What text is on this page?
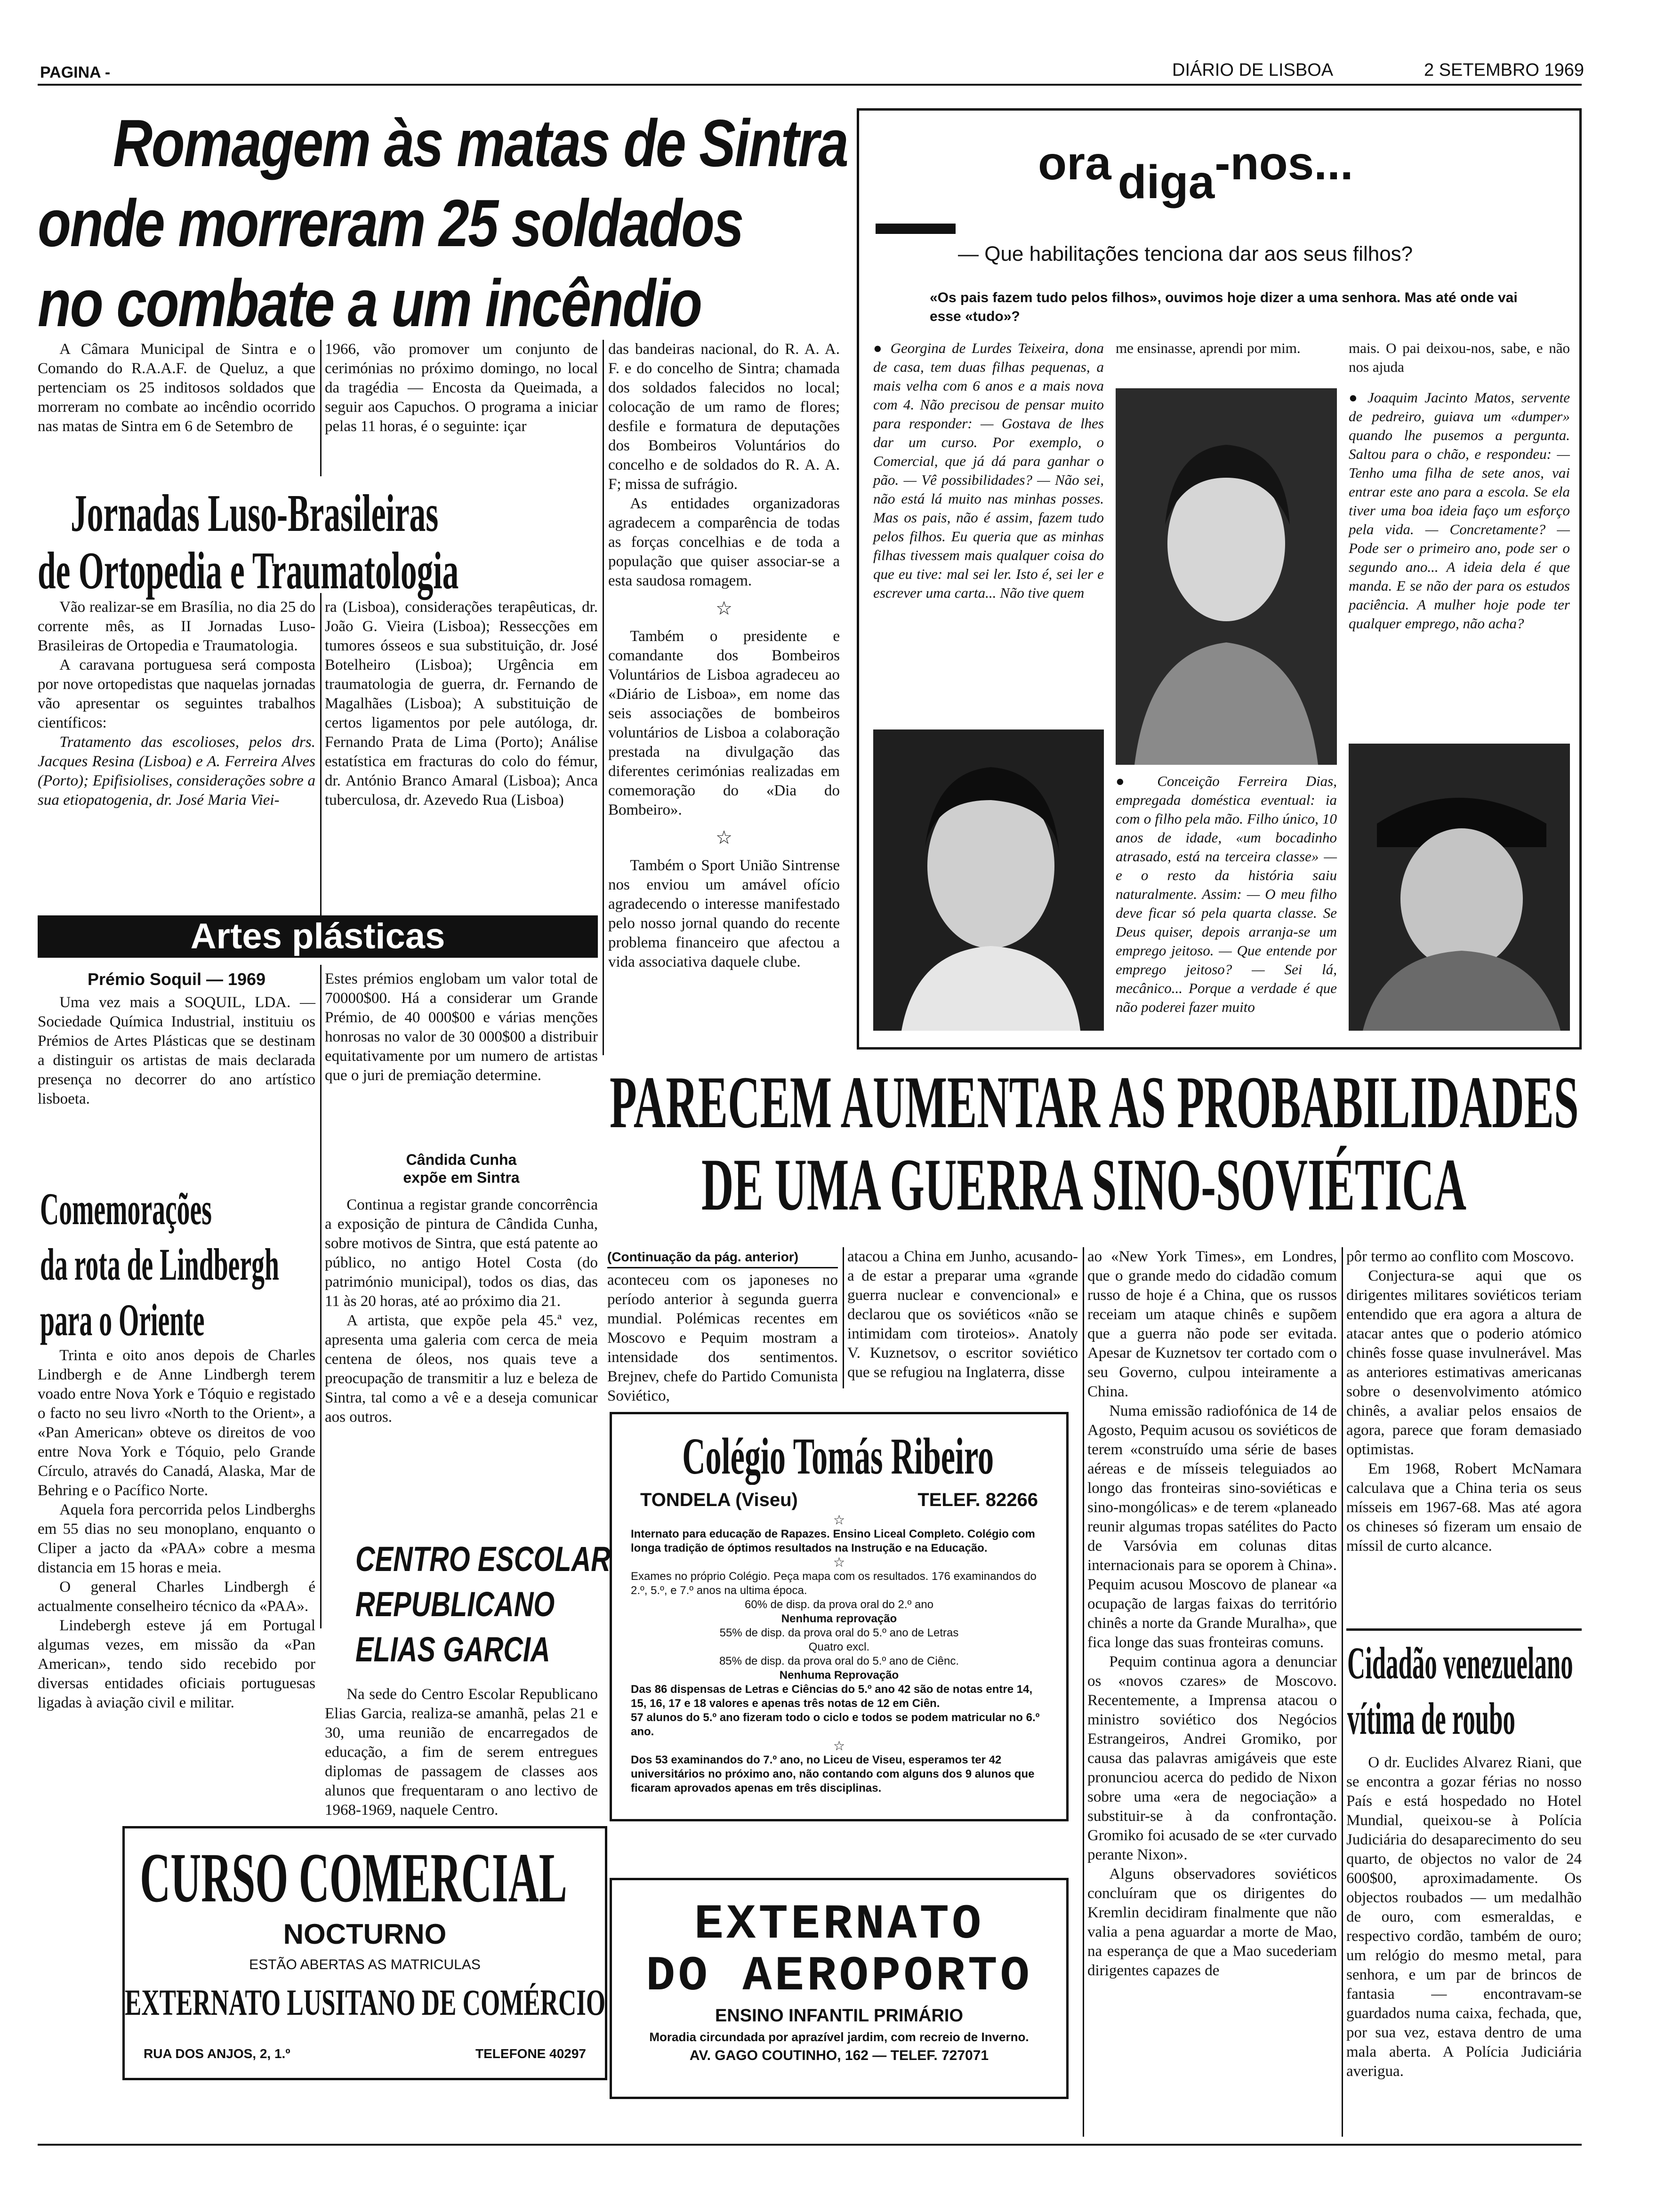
PAGINA -	DIÁRIO DE LISBOA	2 SETEMBRO 1969
Romagem às matas de Sintra
onde morreram 25 soldados
no combate a um incêndio

A Câmara Municipal de Sintra e o Comando do R.A.A.F. de Queluz, a que pertenciam os 25 inditosos soldados que morreram no combate ao incêndio ocorrido nas matas de Sintra em 6 de Setembro de

1966, vão promover um conjunto de cerimónias no próximo domingo, no local da tragédia — Encosta da Queimada, a seguir aos Capuchos. O programa a iniciar pelas 11 horas, é o seguinte: içar

das bandeiras nacional, do R. A. A. F. e do concelho de Sintra; chamada dos soldados falecidos no local; colocação de um ramo de flores; desfile e formatura de deputações dos Bombeiros Voluntários do concelho e de soldados do R. A. A. F; missa de sufrágio.

As entidades organizadoras agradecem a comparência de todas as forças concelhias e de toda a população que quiser associar-se a esta saudosa romagem.

☆

Também o presidente e comandante dos Bombeiros Voluntários de Lisboa agradeceu ao «Diário de Lisboa», em nome das seis associações de bombeiros voluntários de Lisboa a colaboração prestada na divulgação das diferentes cerimónias realizadas em comemoração do «Dia do Bombeiro».

☆

Também o Sport União Sintrense nos enviou um amável ofício agradecendo o interesse manifestado pelo nosso jornal quando do recente problema financeiro que afectou a vida associativa daquele clube.

Jornadas Luso-Brasileiras
de Ortopedia e Traumatologia

Vão realizar-se em Brasília, no dia 25 do corrente mês, as II Jornadas Luso-Brasileiras de Ortopedia e Traumatologia.

A caravana portuguesa será composta por nove ortopedistas que naquelas jornadas vão apresentar os seguintes trabalhos científicos:

Tratamento das escolioses, pelos drs. Jacques Resina (Lisboa) e A. Ferreira Alves (Porto); Epifisiolises, considerações sobre a sua etiopatogenia, dr. José Maria Viei-

ra (Lisboa), considerações terapêuticas, dr. João G. Vieira (Lisboa); Ressecções em tumores ósseos e sua substituição, dr. José Botelheiro (Lisboa); Urgência em traumatologia de guerra, dr. Fernando de Magalhães (Lisboa); A substituição de certos ligamentos por pele autóloga, dr. Fernando Prata de Lima (Porto); Análise estatística em fracturas do colo do fémur, dr. António Branco Amaral (Lisboa); Anca tuberculosa, dr. Azevedo Rua (Lisboa)

Artes plásticas
Prémio Soquil — 1969

Uma vez mais a SOQUIL, LDA. — Sociedade Química Industrial, instituiu os Prémios de Artes Plásticas que se destinam a distinguir os artistas de mais declarada presença no decorrer do ano artístico lisboeta.

Estes prémios englobam um valor total de 70000$00. Há a considerar um Grande Prémio, de 40 000$00 e várias menções honrosas no valor de 30 000$00 a distribuir equitativamente por um numero de artistas que o juri de premiação determine.

Cândida Cunha
expõe em Sintra

Continua a registar grande concorrência a exposição de pintura de Cândida Cunha, sobre motivos de Sintra, que está patente ao público, no antigo Hotel Costa (do património municipal), todos os dias, das 11 às 20 horas, até ao próximo dia 21.

A artista, que expõe pela 45.ª vez, apresenta uma galeria com cerca de meia centena de óleos, nos quais teve a preocupação de transmitir a luz e beleza de Sintra, tal como a vê e a deseja comunicar aos outros.

Comemorações
da rota de Lindbergh
para o Oriente

Trinta e oito anos depois de Charles Lindbergh e de Anne Lindbergh terem voado entre Nova York e Tóquio e registado o facto no seu livro «North to the Orient», a «Pan American» obteve os direitos de voo entre Nova York e Tóquio, pelo Grande Círculo, através do Canadá, Alaska, Mar de Behring e o Pacífico Norte.

Aquela fora percorrida pelos Lindberghs em 55 dias no seu monoplano, enquanto o Cliper a jacto da «PAA» cobre a mesma distancia em 15 horas e meia.

O general Charles Lindbergh é actualmente conselheiro técnico da «PAA».

Lindebergh esteve já em Portugal algumas vezes, em missão da «Pan American», tendo sido recebido por diversas entidades oficiais portuguesas ligadas à aviação civil e militar.

CENTRO ESCOLAR
REPUBLICANO
ELIAS GARCIA

Na sede do Centro Escolar Republicano Elias Garcia, realiza-se amanhã, pelas 21 e 30, uma reunião de encarregados de educação, a fim de serem entregues diplomas de passagem de classes aos alunos que frequentaram o ano lectivo de 1968-1969, naquele Centro.

CURSO COMERCIAL
NOCTURNO
ESTÃO ABERTAS AS MATRICULAS
EXTERNATO LUSITANO DE COMÉRCIO
RUA DOS ANJOS, 2, 1.º	TELEFONE 40297
ora diga-nos...
— Que habilitações tenciona dar aos seus filhos?
«Os pais fazem tudo pelos filhos», ouvimos hoje dizer a uma senhora. Mas até onde vai esse «tudo»?
● Georgina de Lurdes Teixeira, dona de casa, tem duas filhas pequenas, a mais velha com 6 anos e a mais nova com 4. Não precisou de pensar muito para responder: — Gostava de lhes dar um curso. Por exemplo, o Comercial, que já dá para ganhar o pão. — Vê possibilidades? — Não sei, não está lá muito nas minhas posses. Mas os pais, não é assim, fazem tudo pelos filhos. Eu queria que as minhas filhas tivessem mais qualquer coisa do que eu tive: mal sei ler. Isto é, sei ler e escrever uma carta... Não tive quem
me ensinasse, aprendi por mim.
● Conceição Ferreira Dias, empregada doméstica eventual: ia com o filho pela mão. Filho único, 10 anos de idade, «um bocadinho atrasado, está na terceira classe» — e o resto da história saiu naturalmente. Assim: — O meu filho deve ficar só pela quarta classe. Se Deus quiser, depois arranja-se um emprego jeitoso. — Que entende por emprego jeitoso? — Sei lá, mecânico... Porque a verdade é que não poderei fazer muito
mais. O pai deixou-nos, sabe, e não nos ajuda
● Joaquim Jacinto Matos, servente de pedreiro, guiava um «dumper» quando lhe pusemos a pergunta. Saltou para o chão, e respondeu: — Tenho uma filha de sete anos, vai entrar este ano para a escola. Se ela tiver uma boa ideia faço um esforço pela vida. — Concretamente? — Pode ser o primeiro ano, pode ser o segundo ano... A ideia dela é que manda. E se não der para os estudos paciência. A mulher hoje pode ter qualquer emprego, não acha?
PARECEM AUMENTAR AS PROBABILIDADES
DE UMA GUERRA SINO-SOVIÉTICA
(Continuação da pág. anterior)

aconteceu com os japoneses no período anterior à segunda guerra mundial. Polémicas recentes em Moscovo e Pequim mostram a intensidade dos sentimentos. Brejnev, chefe do Partido Comunista Soviético,

atacou a China em Junho, acusando-a de estar a preparar uma «grande guerra nuclear e convencional» e declarou que os soviéticos «não se intimidam com tiroteios». Anatoly V. Kuznetsov, o escritor soviético que se refugiou na Inglaterra, disse

ao «New York Times», em Londres, que o grande medo do cidadão comum russo de hoje é a China, que os russos receiam um ataque chinês e supõem que a guerra não pode ser evitada. Apesar de Kuznetsov ter cortado com o seu Governo, culpou inteiramente a China.

Numa emissão radiofónica de 14 de Agosto, Pequim acusou os soviéticos de terem «construído uma série de bases aéreas e de mísseis teleguiados ao longo das fronteiras sino-soviéticas e sino-mongólicas» e de terem «planeado reunir algumas tropas satélites do Pacto de Varsóvia em colunas ditas internacionais para se oporem à China». Pequim acusou Moscovo de planear «a ocupação de largas faixas do território chinês a norte da Grande Muralha», que fica longe das suas fronteiras comuns.

Pequim continua agora a denunciar os «novos czares» de Moscovo. Recentemente, a Imprensa atacou o ministro soviético dos Negócios Estrangeiros, Andrei Gromiko, por causa das palavras amigáveis que este pronunciou acerca do pedido de Nixon sobre uma «era de negociação» a substituir-se à da confrontação. Gromiko foi acusado de se «ter curvado perante Nixon».

Alguns observadores soviéticos concluíram que os dirigentes do Kremlin decidiram finalmente que não valia a pena aguardar a morte de Mao, na esperança de que a Mao sucederiam dirigentes capazes de

pôr termo ao conflito com Moscovo.

Conjectura-se aqui que os dirigentes militares soviéticos teriam entendido que era agora a altura de atacar antes que o poderio atómico chinês fosse quase invulnerável. Mas as anteriores estimativas americanas sobre o desenvolvimento atómico chinês, a avaliar pelos ensaios de agora, parece que foram demasiado optimistas.

Em 1968, Robert McNamara calculava que a China teria os seus mísseis em 1967-68. Mas até agora os chineses só fizeram um ensaio de míssil de curto alcance.

Cidadão venezuelano
vítima de roubo

O dr. Euclides Alvarez Riani, que se encontra a gozar férias no nosso País e está hospedado no Hotel Mundial, queixou-se à Polícia Judiciária do desaparecimento do seu quarto, de objectos no valor de 24 600$00, aproximadamente. Os objectos roubados — um medalhão de ouro, com esmeraldas, e respectivo cordão, também de ouro; um relógio do mesmo metal, para senhora, e um par de brincos de fantasia — encontravam-se guardados numa caixa, fechada, que, por sua vez, estava dentro de uma mala aberta. A Polícia Judiciária averigua.

Colégio Tomás Ribeiro
TONDELA (Viseu)	TELEF. 82266
☆
Internato para educação de Rapazes. Ensino Liceal Completo. Colégio com longa tradição de óptimos resultados na Instrução e na Educação.
☆
Exames no próprio Colégio. Peça mapa com os resultados. 176 examinandos do 2.º, 5.º, e 7.º anos na ultima época.
60% de disp. da prova oral do 2.º ano
Nenhuma reprovação
55% de disp. da prova oral do 5.º ano de Letras
Quatro excl.
85% de disp. da prova oral do 5.º ano de Ciênc.
Nenhuma Reprovação
Das 86 dispensas de Letras e Ciências do 5.º ano 42 são de notas entre 14, 15, 16, 17 e 18 valores e apenas três notas de 12 em Ciên.
57 alunos do 5.º ano fizeram todo o ciclo e todos se podem matricular no 6.º ano.
☆
Dos 53 examinandos do 7.º ano, no Liceu de Viseu, esperamos ter 42 universitários no próximo ano, não contando com alguns dos 9 alunos que ficaram aprovados apenas em três disciplinas.
EXTERNATO
DO AEROPORTO
ENSINO INFANTIL PRIMÁRIO
Moradia circundada por aprazível jardim, com recreio de Inverno.
AV. GAGO COUTINHO, 162 — TELEF. 727071
